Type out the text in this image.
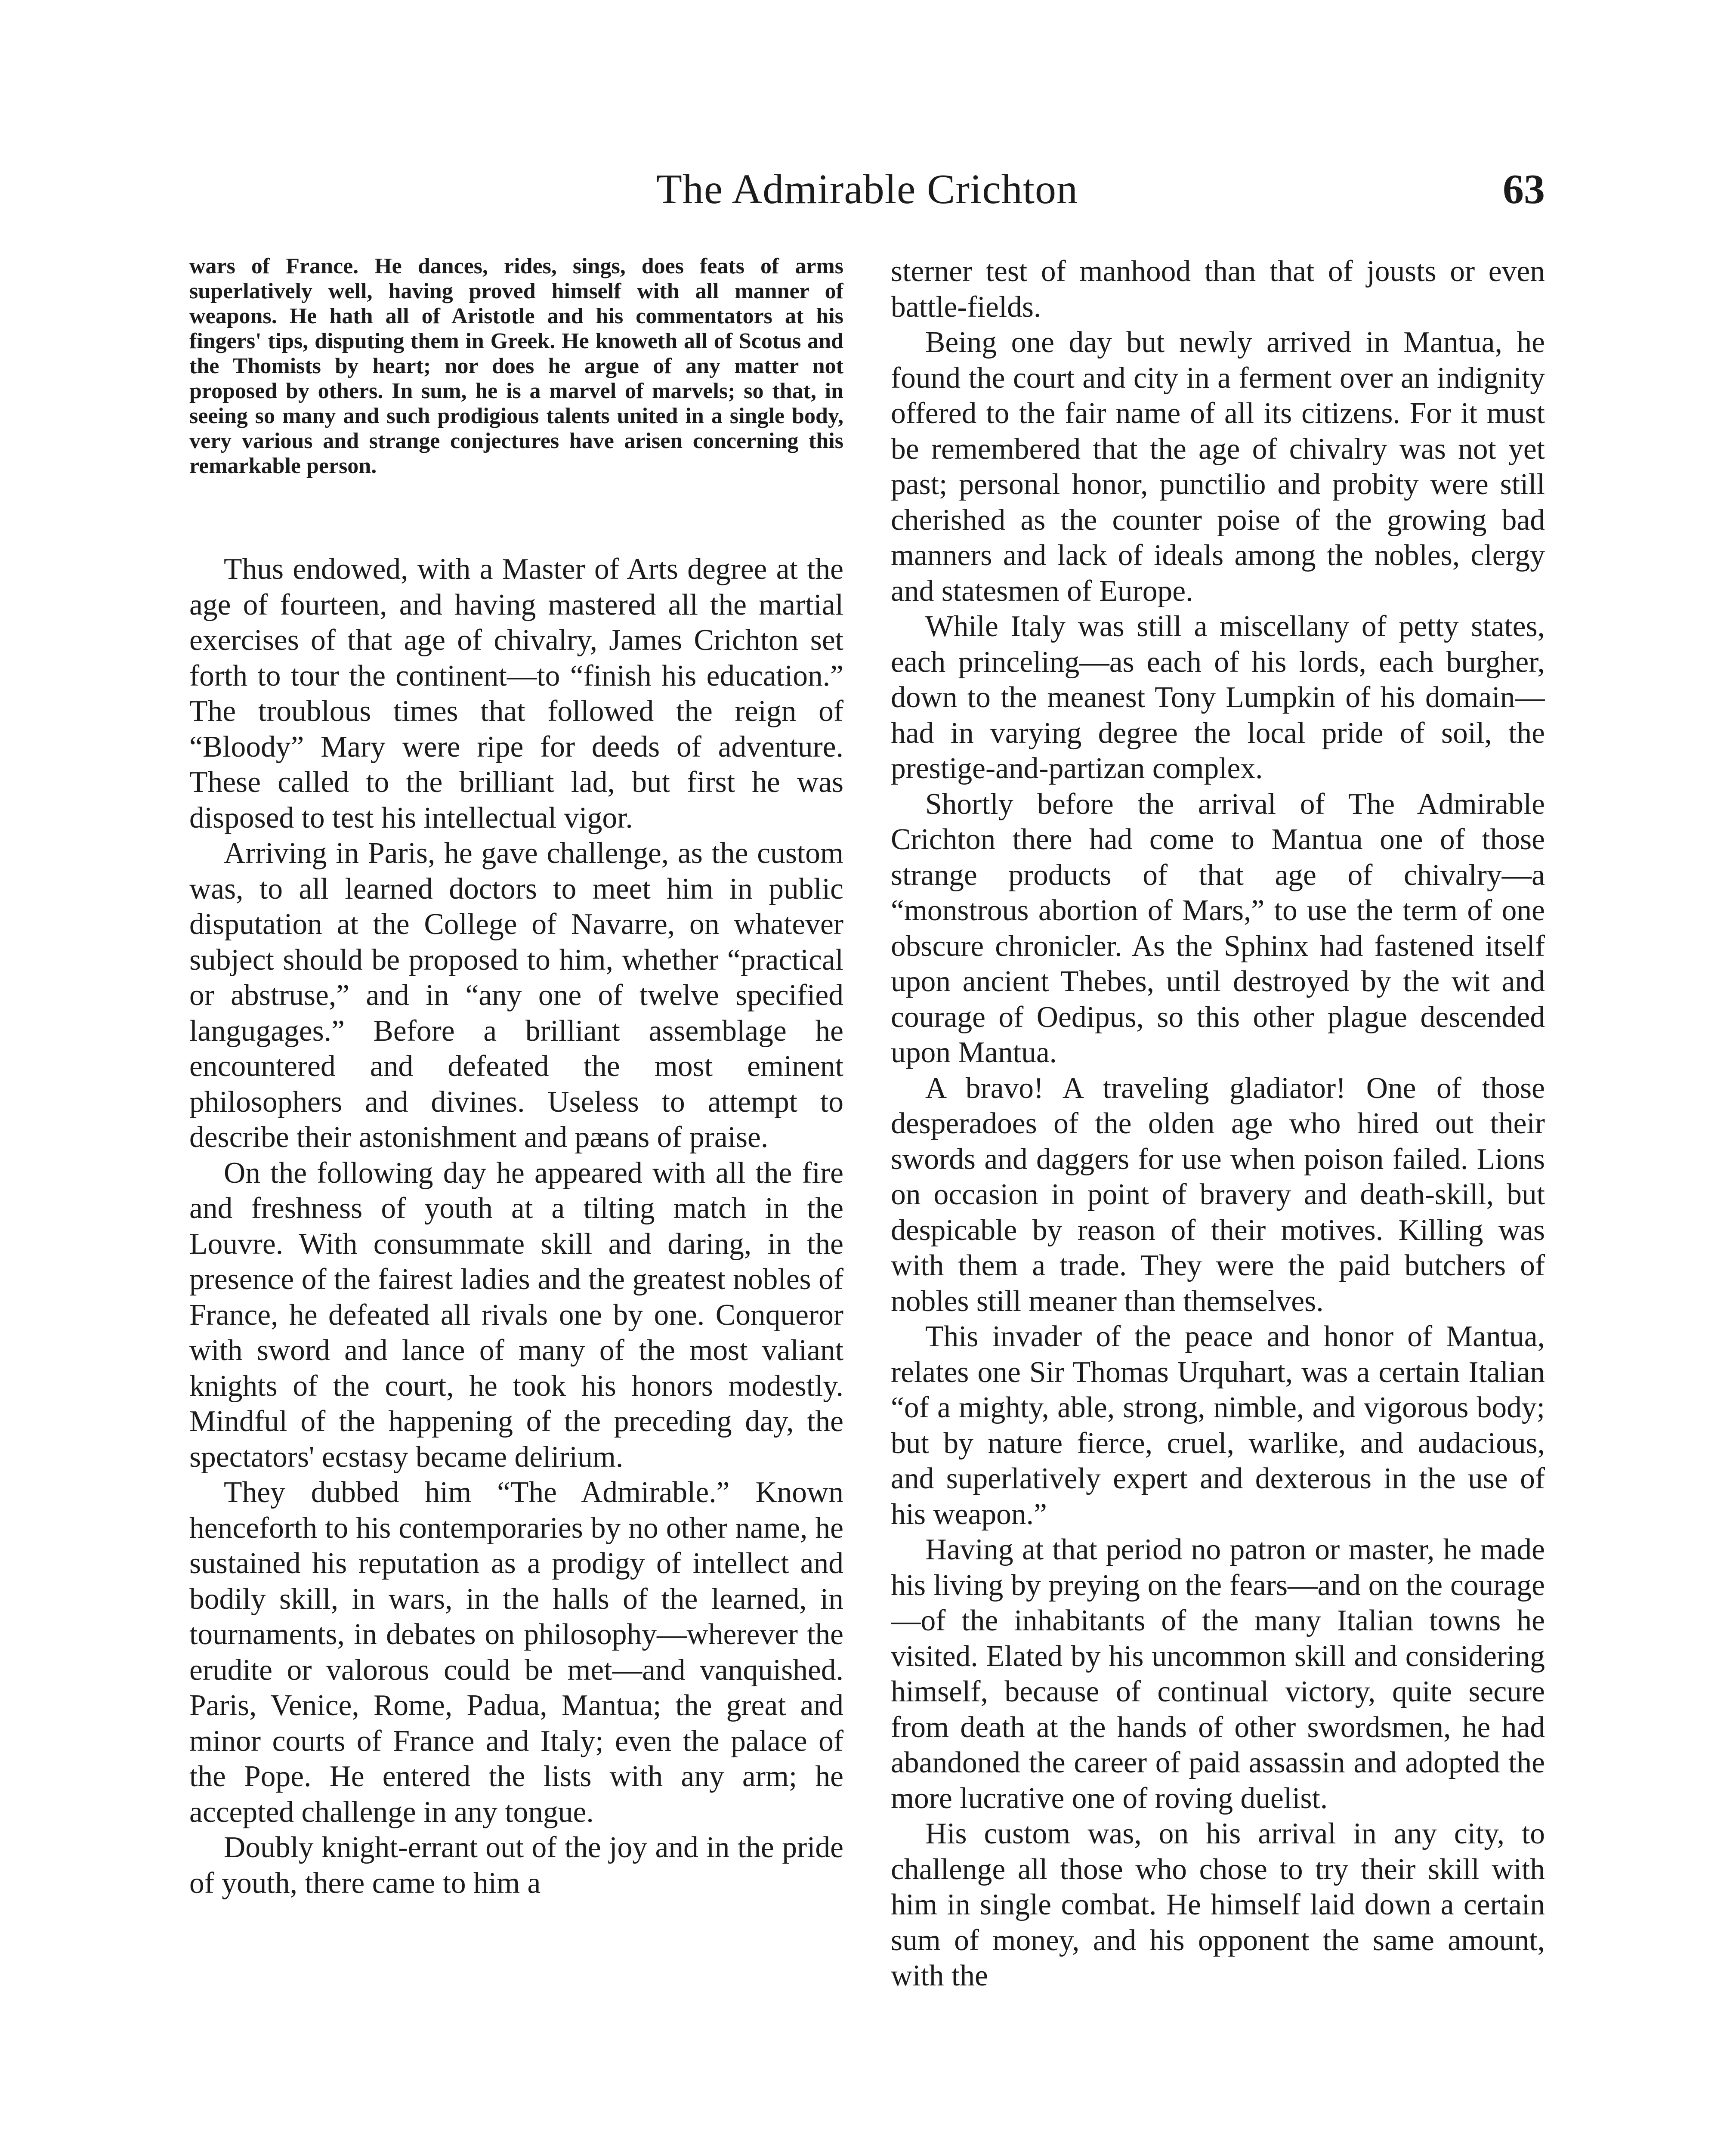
The Admirable Crichton	63

wars of France. He dances, rides, sings, does feats of arms superlatively well, having proved himself with all manner of weapons. He hath all of Aristotle and his commentators at his fingers' tips, disputing them in Greek. He knoweth all of Scotus and the Thomists by heart; nor does he argue of any matter not proposed by others. In sum, he is a marvel of marvels; so that, in seeing so many and such prodigious talents united in a single body, very various and strange conjectures have arisen concerning this remarkable person.

Thus endowed, with a Master of Arts degree at the age of fourteen, and having mastered all the martial exercises of that age of chivalry, James Crichton set forth to tour the continent—to “finish his education.” The troublous times that followed the reign of “Bloody” Mary were ripe for deeds of adventure. These called to the brilliant lad, but first he was disposed to test his intellectual vigor.

Arriving in Paris, he gave challenge, as the custom was, to all learned doctors to meet him in public disputation at the College of Navarre, on whatever subject should be proposed to him, whether “practical or abstruse,” and in “any one of twelve specified langugages.” Before a brilliant assemblage he encountered and defeated the most eminent philosophers and divines. Useless to attempt to describe their astonishment and pæans of praise.

On the following day he appeared with all the fire and freshness of youth at a tilting match in the Louvre. With consummate skill and daring, in the presence of the fairest ladies and the greatest nobles of France, he defeated all rivals one by one. Conqueror with sword and lance of many of the most valiant knights of the court, he took his honors modestly. Mindful of the happening of the preceding day, the spectators' ecstasy became delirium.

They dubbed him “The Admirable.” Known henceforth to his contemporaries by no other name, he sustained his reputation as a prodigy of intellect and bodily skill, in wars, in the halls of the learned, in tournaments, in debates on philosophy—wherever the erudite or valorous could be met—and vanquished. Paris, Venice, Rome, Padua, Mantua; the great and minor courts of France and Italy; even the palace of the Pope. He entered the lists with any arm; he accepted challenge in any tongue.

Doubly knight-errant out of the joy and in the pride of youth, there came to him a

sterner test of manhood than that of jousts or even battle-fields.

Being one day but newly arrived in Mantua, he found the court and city in a ferment over an indignity offered to the fair name of all its citizens. For it must be remembered that the age of chivalry was not yet past; personal honor, punctilio and probity were still cherished as the counter poise of the growing bad manners and lack of ideals among the nobles, clergy and statesmen of Europe.

While Italy was still a miscellany of petty states, each princeling—as each of his lords, each burgher, down to the meanest Tony Lumpkin of his domain—had in varying degree the local pride of soil, the prestige-and-partizan complex.

Shortly before the arrival of The Admirable Crichton there had come to Mantua one of those strange products of that age of chivalry—a “monstrous abortion of Mars,” to use the term of one obscure chronicler. As the Sphinx had fastened itself upon ancient Thebes, until destroyed by the wit and courage of Oedipus, so this other plague descended upon Mantua.

A bravo! A traveling gladiator! One of those desperadoes of the olden age who hired out their swords and daggers for use when poison failed. Lions on occasion in point of bravery and death-skill, but despicable by reason of their motives. Killing was with them a trade. They were the paid butchers of nobles still meaner than themselves.

This invader of the peace and honor of Mantua, relates one Sir Thomas Urquhart, was a certain Italian “of a mighty, able, strong, nimble, and vigorous body; but by nature fierce, cruel, warlike, and audacious, and superlatively expert and dexterous in the use of his weapon.”

Having at that period no patron or master, he made his living by preying on the fears—and on the courage—of the inhabitants of the many Italian towns he visited. Elated by his uncommon skill and considering himself, because of continual victory, quite secure from death at the hands of other swordsmen, he had abandoned the career of paid assassin and adopted the more lucrative one of roving duelist.

His custom was, on his arrival in any city, to challenge all those who chose to try their skill with him in single combat. He himself laid down a certain sum of money, and his opponent the same amount, with the
